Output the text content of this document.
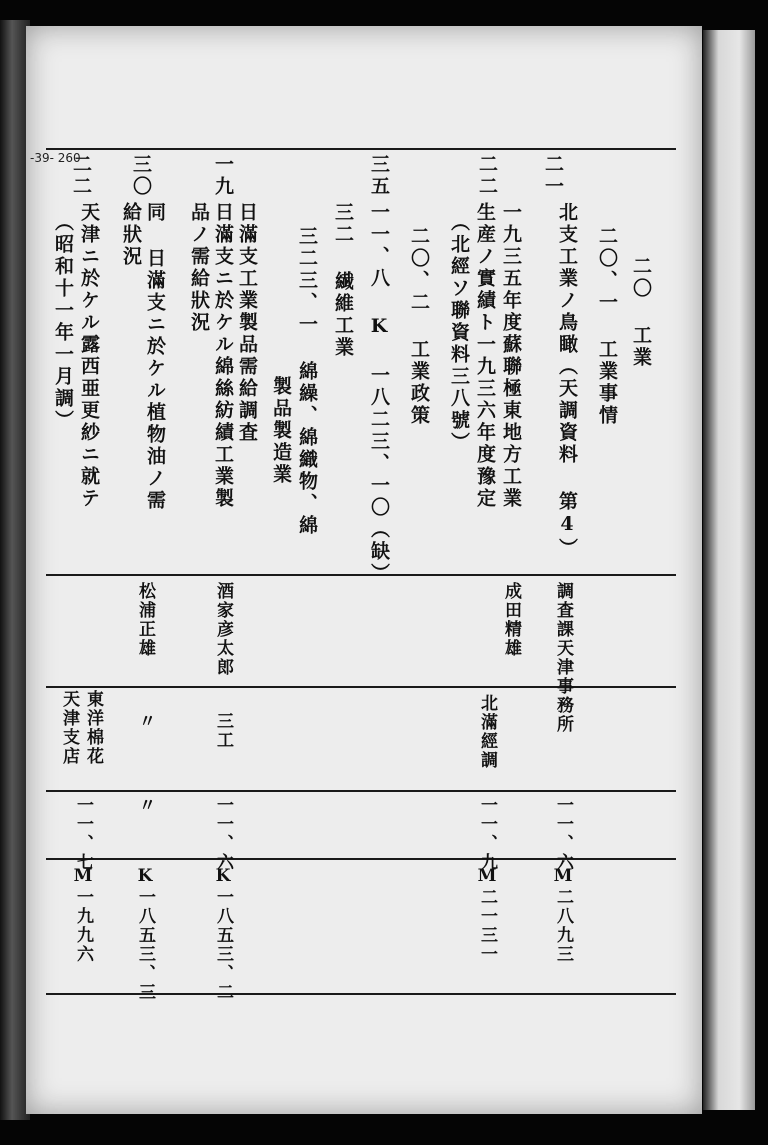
二〇 工業
二〇、一 工業事情
二一
北支工業ノ鳥瞰（天調資料 第4）
調査課天津事務所
一一、六
M二八九三
二二
一九三五年度蘇聯極東地方工業
生産ノ實績ト一九三六年度豫定
（北經ソ聯資料三八號）
成田精雄
北滿經調
一一、九
M二一三一
二〇、二 工業政策
三五
一一、八 K 一八二三、一〇（缺）
三二 繊維工業
三二三、一 綿繰、綿織物、綿
製品製造業
一九
日滿支工業製品需給調査
日滿支ニ於ケル綿絲紡績工業製
品ノ需給狀況
酒家彦太郎
三工
一一、六
K一八五三、二
三〇
同
日滿支ニ於ケル植物油ノ需
給狀況
松浦正雄
〃
〃
K一八五三、三
二二
天津ニ於ケル露西亜更紗ニ就テ
（昭和十一年一月調）
東洋棉花
天津支店
一一、七
M一九九六
-39- 260
